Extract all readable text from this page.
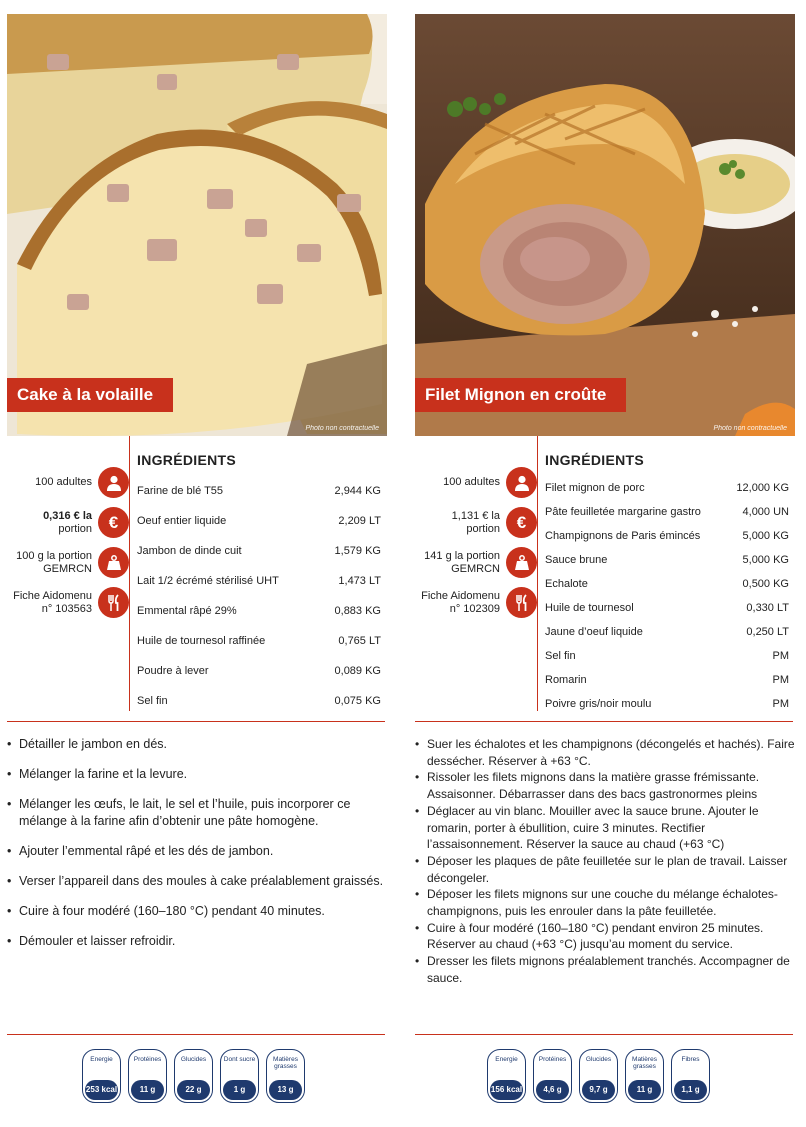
Cake à la volaille
Photo non contractuelle
100 adultes
0,316 € la
portion €
100 g la portion
GEMRCN
Fiche Aidomenu
n° 103563
INGRÉDIENTS
Farine de blé T55	2,944 KG
Oeuf entier liquide	2,209 LT
Jambon de dinde cuit	1,579 KG
Lait 1/2 écrémé stérilisé UHT	1,473 LT
Emmental râpé 29%	0,883 KG
Huile de tournesol raffinée	0,765 LT
Poudre à lever	0,089 KG
Sel fin	0,075 KG
• Détailler le jambon en dés.
• Mélanger la farine et la levure.
• Mélanger les œufs, le lait, le sel et l’huile, puis incorporer ce mélange à la farine afin d’obtenir une pâte homogène.
• Ajouter l’emmental râpé et les dés de jambon.
• Verser l’appareil dans des moules à cake préalablement graissés.
• Cuire à four modéré (160–180 °C) pendant 40 minutes.
• Démouler et laisser refroidir.
Filet Mignon en croûte
Photo non contractuelle
100 adultes
1,131 € la
portion €
141 g la portion
GEMRCN
Fiche Aidomenu
n° 102309
INGRÉDIENTS
Filet mignon de porc	12,000 KG
Pâte feuilletée margarine gastro	4,000 UN
Champignons de Paris émincés	5,000 KG
Sauce brune	5,000 KG
Echalote	0,500 KG
Huile de tournesol	0,330 LT
Jaune d’oeuf liquide	0,250 LT
Sel fin	PM
Romarin	PM
Poivre gris/noir moulu	PM
• Suer les échalotes et les champignons (décongelés et hachés). Faire dessécher. Réserver à +63 °C.
• Rissoler les filets mignons dans la matière grasse frémissante. Assaisonner. Débarrasser dans des bacs gastronormes pleins
• Déglacer au vin blanc. Mouiller avec la sauce brune. Ajouter le romarin, porter à ébullition, cuire 3 minutes. Rectifier l’assaisonnement. Réserver la sauce au chaud (+63 °C)
• Déposer les plaques de pâte feuilletée sur le plan de travail. Laisser décongeler.
• Déposer les filets mignons sur une couche du mélange échalotes-champignons, puis les enrouler dans la pâte feuilletée.
• Cuire à four modéré (160–180 °C) pendant environ 25 minutes. Réserver au chaud (+63 °C) jusqu’au moment du service.
• Dresser les filets mignons préalablement tranchés. Accompagner de sauce.
Energie
253 kcal
Protéines
11 g
Glucides
22 g
Dont sucre
1 g
Matières grasses
13 g
Energie
156 kcal
Protéines
4,6 g
Glucides
9,7 g
Matières grasses
11 g
Fibres
1,1 g
